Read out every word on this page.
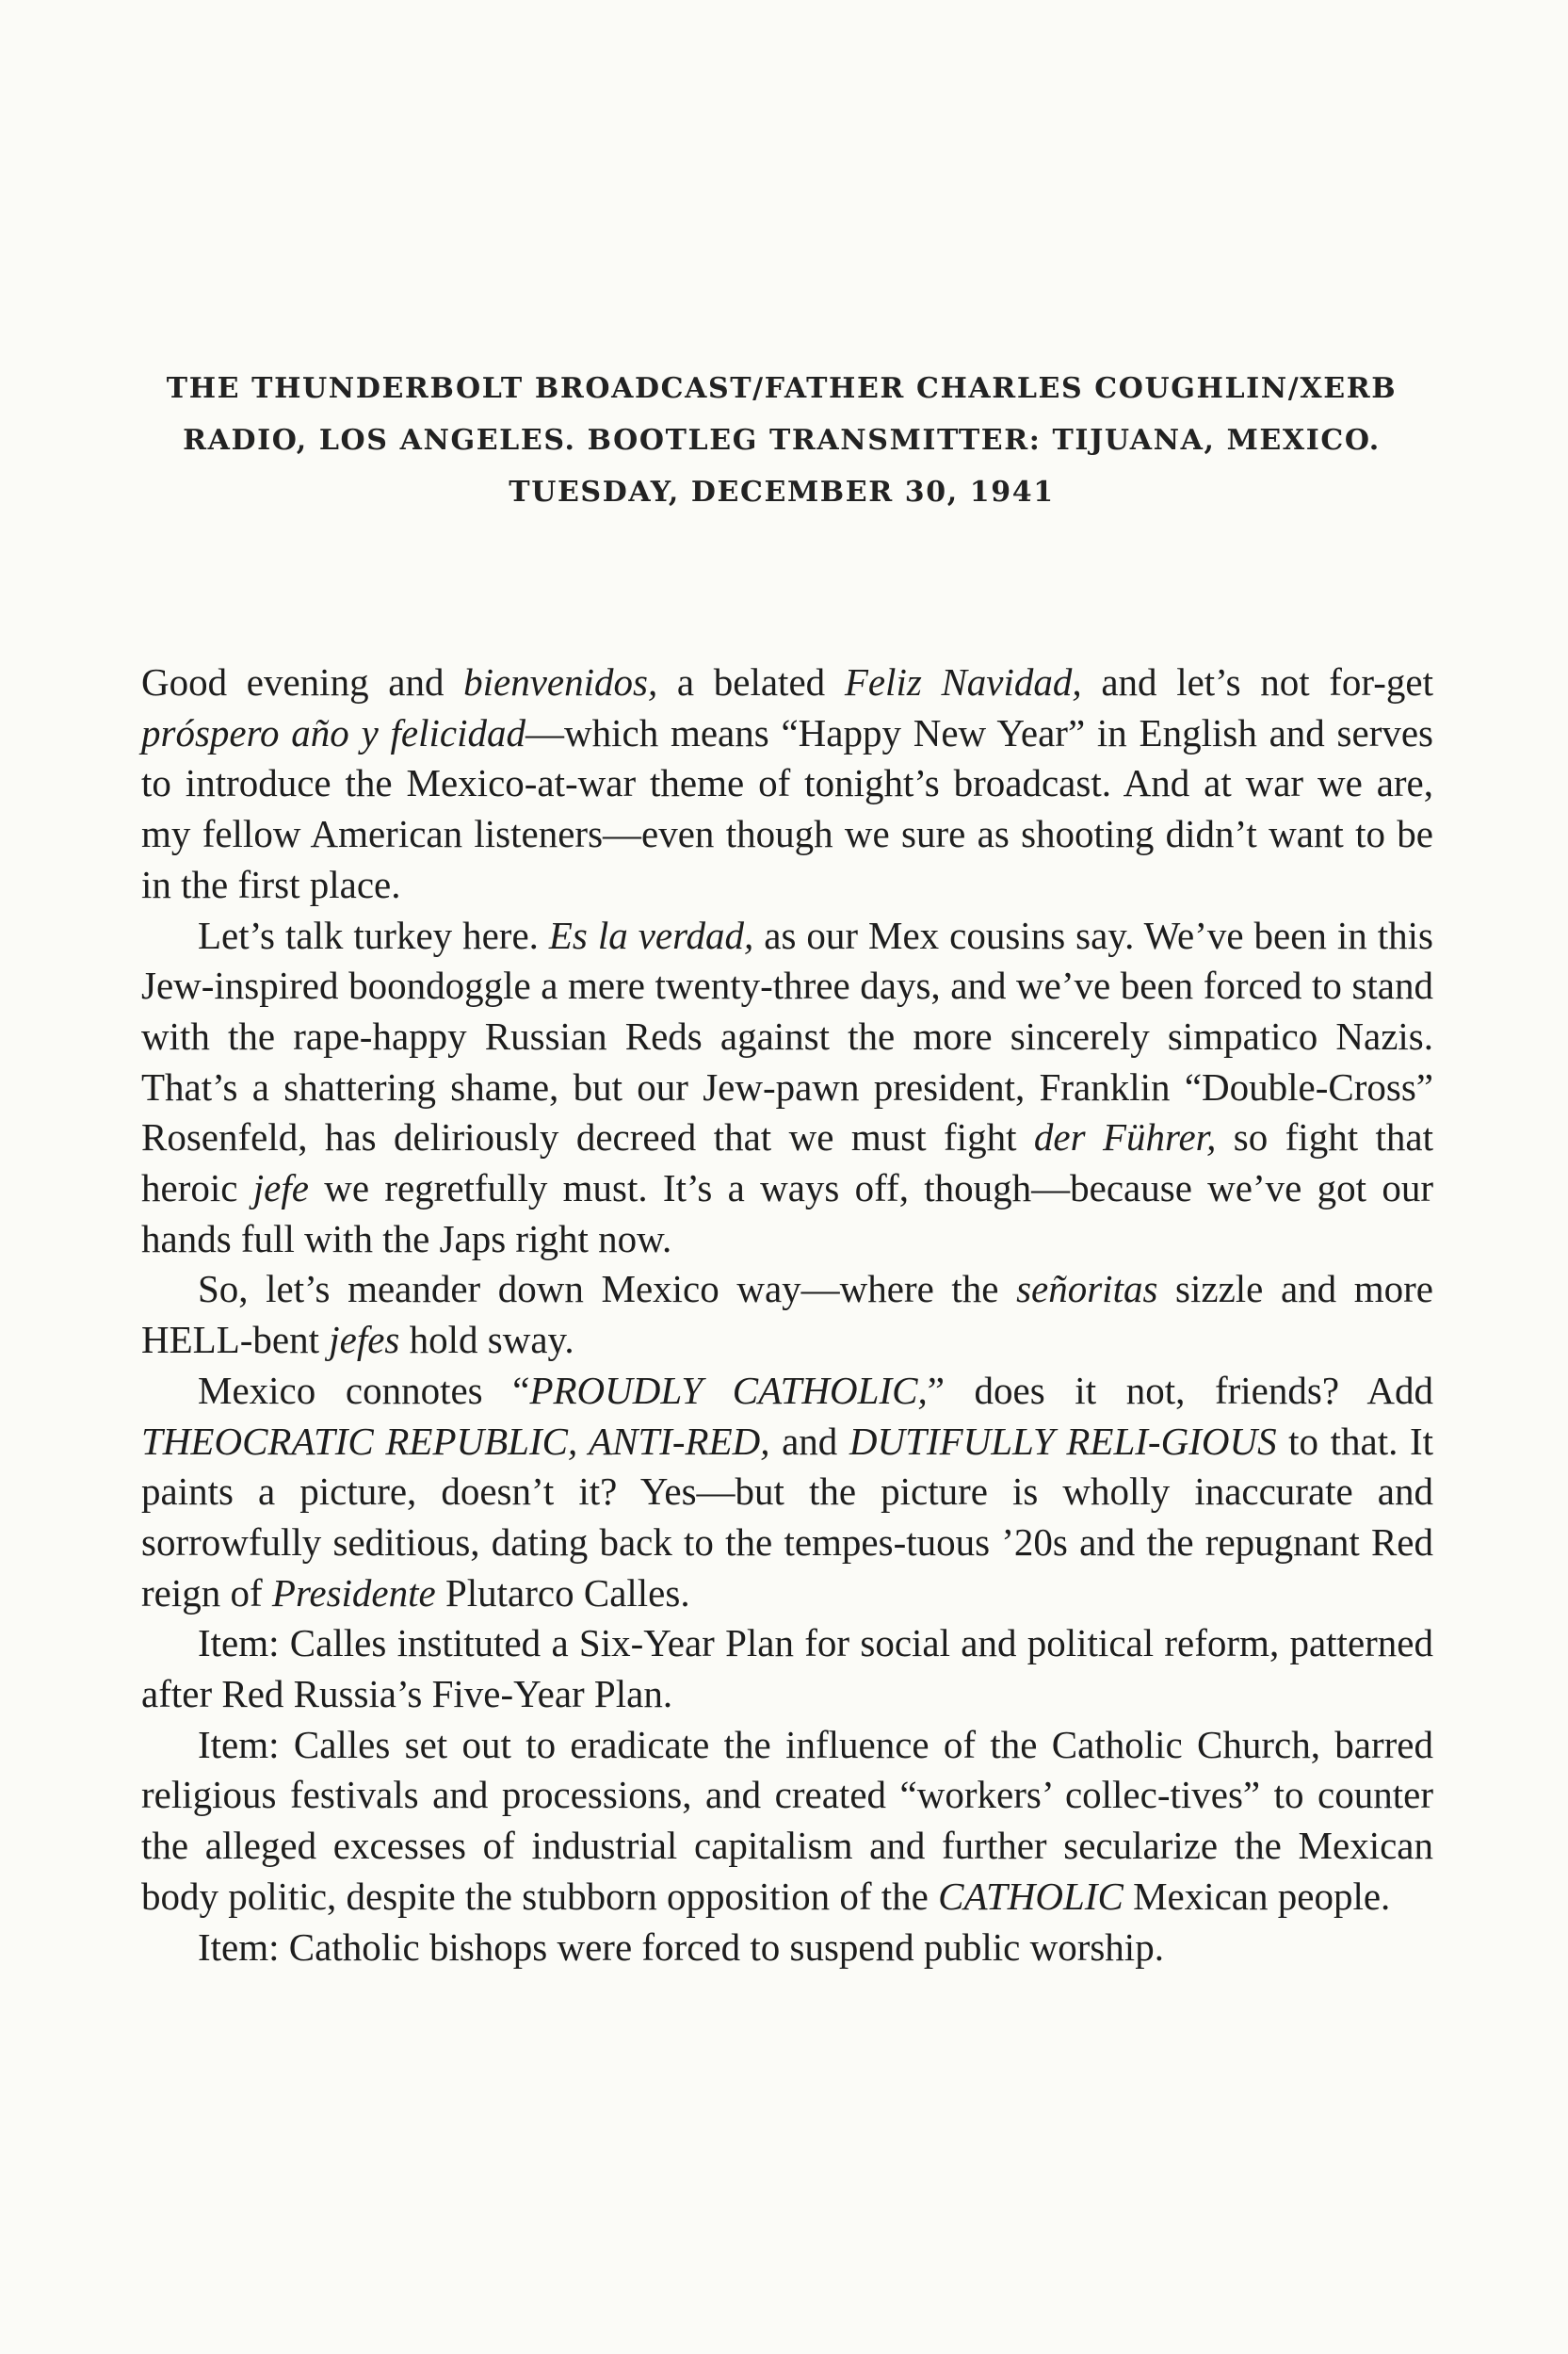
THE THUNDERBOLT BROADCAST/FATHER CHARLES COUGHLIN/XERB
RADIO, LOS ANGELES. BOOTLEG TRANSMITTER: TIJUANA, MEXICO.
TUESDAY, DECEMBER 30, 1941

Good evening and bienvenidos, a belated Feliz Navidad, and let’s not for-get próspero año y felicidad—which means “Happy New Year” in English and serves to introduce the Mexico-at-war theme of tonight’s broadcast. And at war we are, my fellow American listeners—even though we sure as shooting didn’t want to be in the first place.

Let’s talk turkey here. Es la verdad, as our Mex cousins say. We’ve been in this Jew-inspired boondoggle a mere twenty-three days, and we’ve been forced to stand with the rape-happy Russian Reds against the more sincerely simpatico Nazis. That’s a shattering shame, but our Jew-pawn president, Franklin “Double-Cross” Rosenfeld, has deliriously decreed that we must fight der Führer, so fight that heroic jefe we regretfully must. It’s a ways off, though—because we’ve got our hands full with the Japs right now.

So, let’s meander down Mexico way—where the señoritas sizzle and more HELL-bent jefes hold sway.

Mexico connotes “PROUDLY CATHOLIC,” does it not, friends? Add THEOCRATIC REPUBLIC, ANTI-RED, and DUTIFULLY RELI-GIOUS to that. It paints a picture, doesn’t it? Yes—but the picture is wholly inaccurate and sorrowfully seditious, dating back to the tempes-tuous ’20s and the repugnant Red reign of Presidente Plutarco Calles.

Item: Calles instituted a Six-Year Plan for social and political reform, patterned after Red Russia’s Five-Year Plan.

Item: Calles set out to eradicate the influence of the Catholic Church, barred religious festivals and processions, and created “workers’ collec-tives” to counter the alleged excesses of industrial capitalism and further secularize the Mexican body politic, despite the stubborn opposition of the CATHOLIC Mexican people.

Item: Catholic bishops were forced to suspend public worship.
